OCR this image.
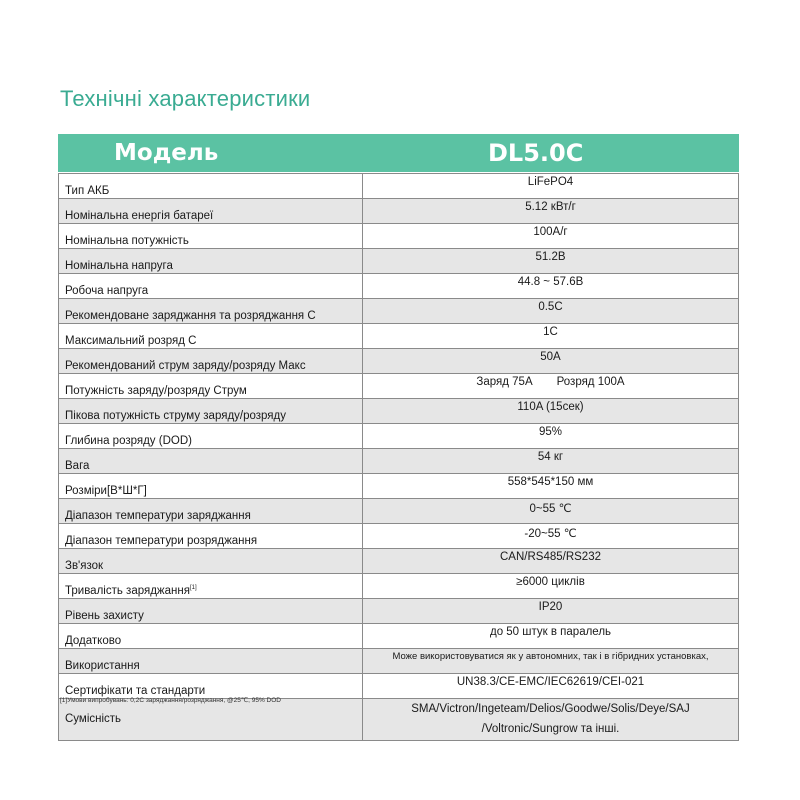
Технічні характеристики
Модель	DL5.0C
Тип АКБ	LiFePO4
Номінальна енергія батареї	5.12 кВт/г
Номінальна потужність	100А/г
Номінальна напруга	51.2В
Робоча напруга	44.8 ~ 57.6В
Рекомендоване заряджання та розряджання С	0.5C
Максимальний розряд С	1C
Рекомендований струм заряду/розряду Макс	50A
Потужність заряду/розряду Струм	Заряд 75А Розряд 100А
Пікова потужність струму заряду/розряду	110A (15сек)
Глибина розряду (DOD)	95%
Вага	54 кг
Розміри[В*Ш*Г]	558*545*150 мм
Діапазон температури заряджання	0~55 ℃
Діапазон температури розряджання	-20~55 ℃
Зв'язок	CAN/RS485/RS232
Тривалість заряджання[1]	≥6000 циклів
Рівень захисту	IP20
Додатково	до 50 штук в паралель
Використання	Може використовуватися як у автономних, так і в гібридних установках,
Сертифікати та стандарти	UN38.3/CE-EMC/IEC62619/CEI-021
Сумісність	SMA/Victron/Ingeteam/Delios/Goodwe/Solis/Deye/SAJ
/Voltronic/Sungrow та інші.
[1]Умови випробувань: 0,2C заряджання/розряджання, @25℃, 95% DOD
